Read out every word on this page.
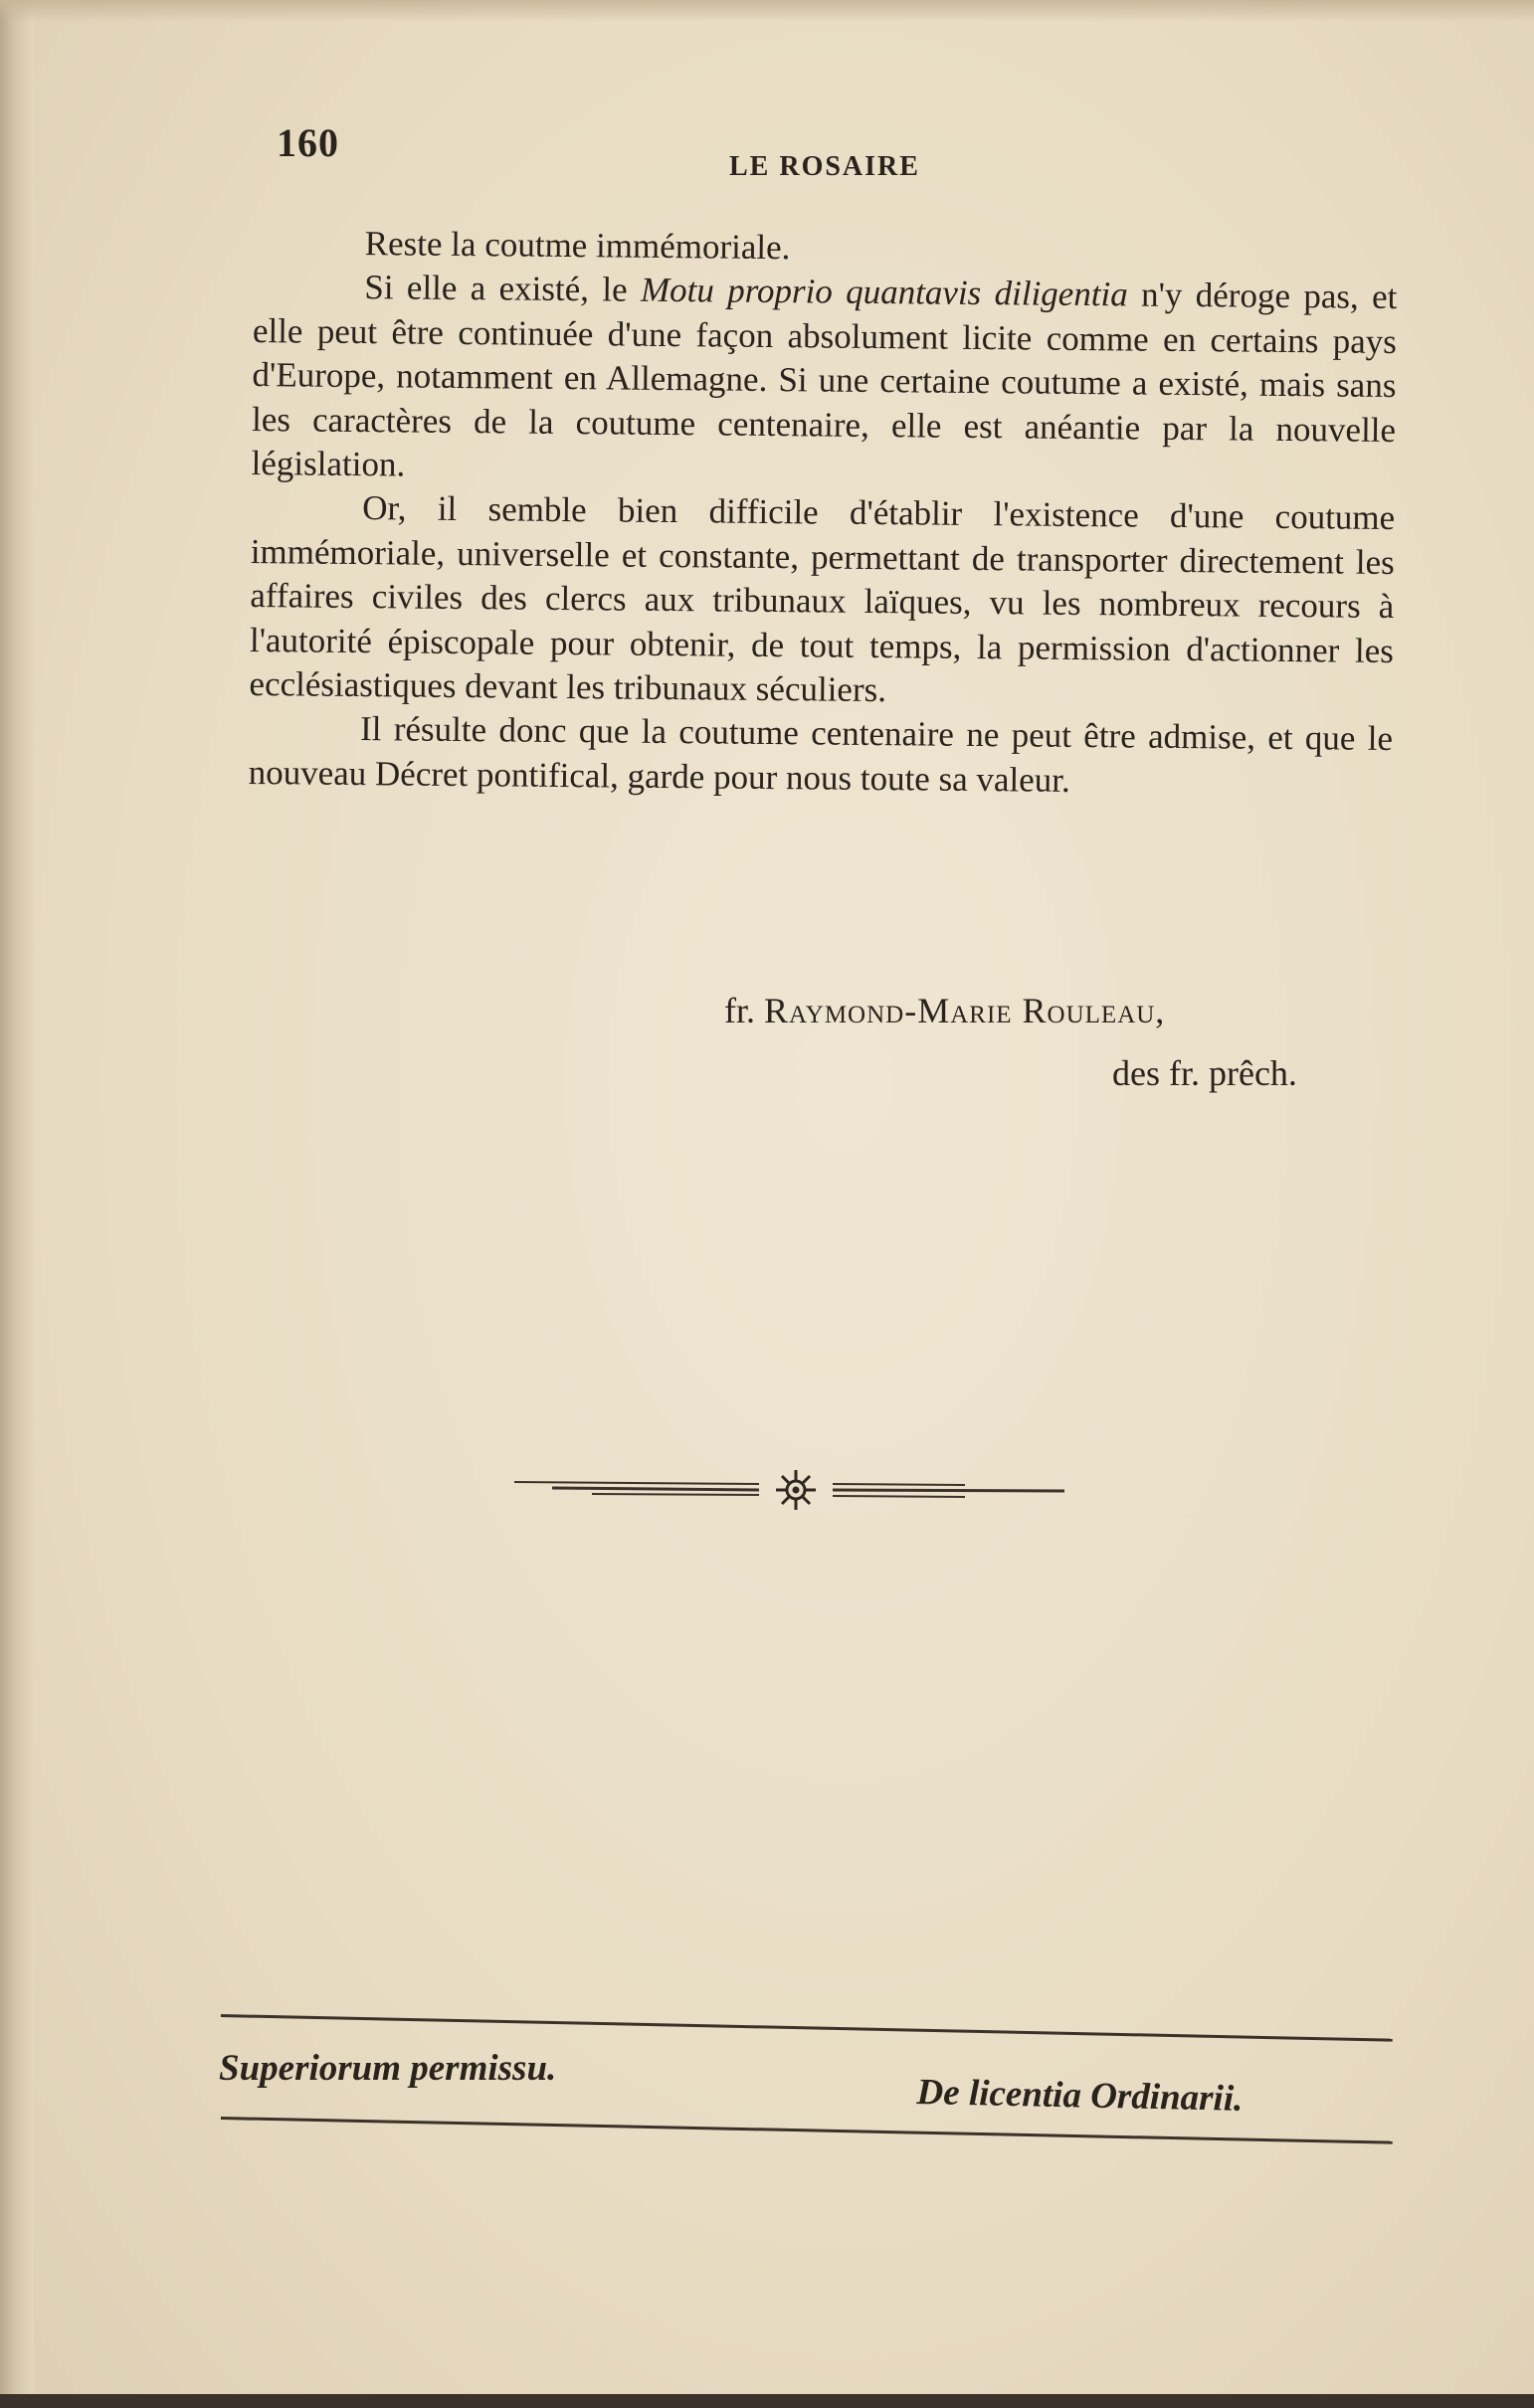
160
LE ROSAIRE

Reste la coutme immémoriale.

Si elle a existé, le Motu proprio quantavis diligentia n'y déroge pas, et elle peut être continuée d'une façon absolument licite comme en certains pays d'Europe, notamment en Allemagne. Si une certaine coutume a existé, mais sans les caractères de la coutume centenaire, elle est anéantie par la nouvelle législation.

Or, il semble bien difficile d'établir l'existence d'une coutume immémoriale, universelle et constante, permettant de transporter directement les affaires civiles des clercs aux tribunaux laïques, vu les nombreux recours à l'autorité épiscopale pour obtenir, de tout temps, la permission d'actionner les ecclésiastiques devant les tribunaux séculiers.

Il résulte donc que la coutume centenaire ne peut être admise, et que le nouveau Décret pontifical, garde pour nous toute sa valeur.

fr. Raymond-Marie Rouleau,
des fr. prêch.
Superiorum permissu.
De licentia Ordinarii.
